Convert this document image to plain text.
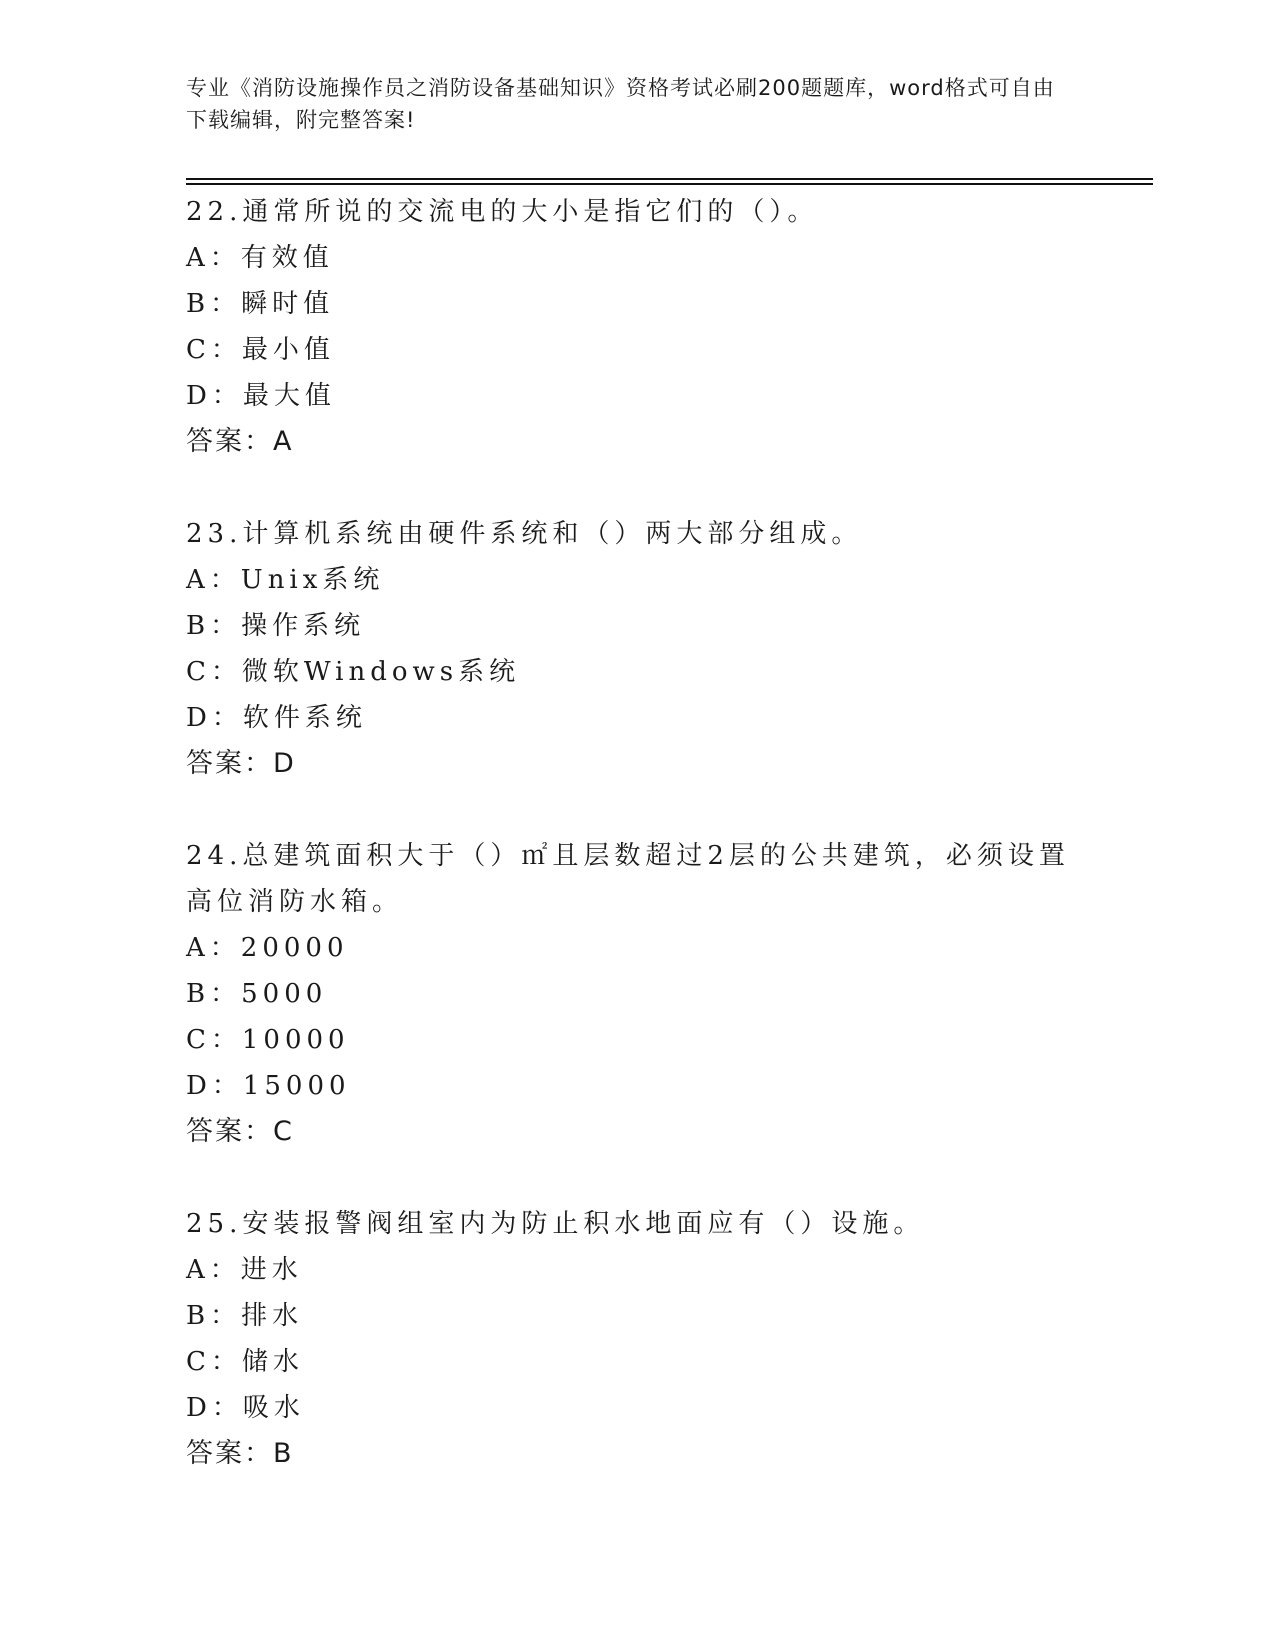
专业《消防设施操作员之消防设备基础知识》资格考试必刷200题题库，word格式可自由下载编辑，附完整答案!
22.通常所说的交流电的大小是指它们的（）。
A：有效值
B：瞬时值
C：最小值
D：最大值
答案：A
23.计算机系统由硬件系统和（）两大部分组成。
A：Unix系统
B：操作系统
C：微软Windows系统
D：软件系统
答案：D
24.总建筑面积大于（）㎡且层数超过2层的公共建筑，必须设置高位消防水箱。
A：20000
B：5000
C：10000
D：15000
答案：C
25.安装报警阀组室内为防止积水地面应有（）设施。
A：进水
B：排水
C：储水
D：吸水
答案：B
